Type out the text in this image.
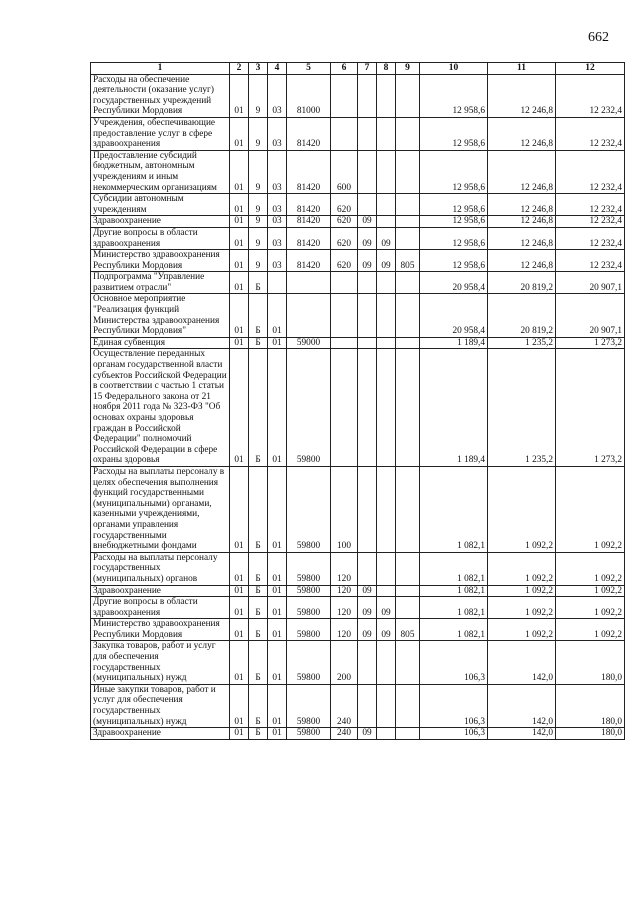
662
1	2	3	4	5	6	7	8	9	10	11	12
Расходы на обеспечение деятельности (оказание услуг) государственных учреждений Республики Мордовия	01	9	03	81000					12 958,6	12 246,8	12 232,4
Учреждения, обеспечивающие предоставление услуг в сфере здравоохранения	01	9	03	81420					12 958,6	12 246,8	12 232,4
Предоставление субсидий бюджетным, автономным учреждениям и иным некоммерческим организациям	01	9	03	81420	600				12 958,6	12 246,8	12 232,4
Субсидии автономным учреждениям	01	9	03	81420	620				12 958,6	12 246,8	12 232,4
Здравоохранение	01	9	03	81420	620	09			12 958,6	12 246,8	12 232,4
Другие вопросы в области здравоохранения	01	9	03	81420	620	09	09		12 958,6	12 246,8	12 232,4
Министерство здравоохранения Республики Мордовия	01	9	03	81420	620	09	09	805	12 958,6	12 246,8	12 232,4
Подпрограмма "Управление развитием отрасли"	01	Б							20 958,4	20 819,2	20 907,1
Основное мероприятие "Реализация функций Министерства здравоохранения Республики Мордовия"	01	Б	01						20 958,4	20 819,2	20 907,1
Единая субвенция	01	Б	01	59000					1 189,4	1 235,2	1 273,2
Осуществление переданных органам государственной власти субъектов Российской Федерации в соответствии с частью 1 статьи 15 Федерального закона от 21 ноября 2011 года № 323-ФЗ "Об основах охраны здоровья граждан в Российской Федерации" полномочий Российской Федерации в сфере охраны здоровья	01	Б	01	59800					1 189,4	1 235,2	1 273,2
Расходы на выплаты персоналу в целях обеспечения выполнения функций государственными (муниципальными) органами, казенными учреждениями, органами управления государственными внебюджетными фондами	01	Б	01	59800	100				1 082,1	1 092,2	1 092,2
Расходы на выплаты персоналу государственных (муниципальных) органов	01	Б	01	59800	120				1 082,1	1 092,2	1 092,2
Здравоохранение	01	Б	01	59800	120	09			1 082,1	1 092,2	1 092,2
Другие вопросы в области здравоохранения	01	Б	01	59800	120	09	09		1 082,1	1 092,2	1 092,2
Министерство здравоохранения Республики Мордовия	01	Б	01	59800	120	09	09	805	1 082,1	1 092,2	1 092,2
Закупка товаров, работ и услуг для обеспечения государственных (муниципальных) нужд	01	Б	01	59800	200				106,3	142,0	180,0
Иные закупки товаров, работ и услуг для обеспечения государственных (муниципальных) нужд	01	Б	01	59800	240				106,3	142,0	180,0
Здравоохранение	01	Б	01	59800	240	09			106,3	142,0	180,0
